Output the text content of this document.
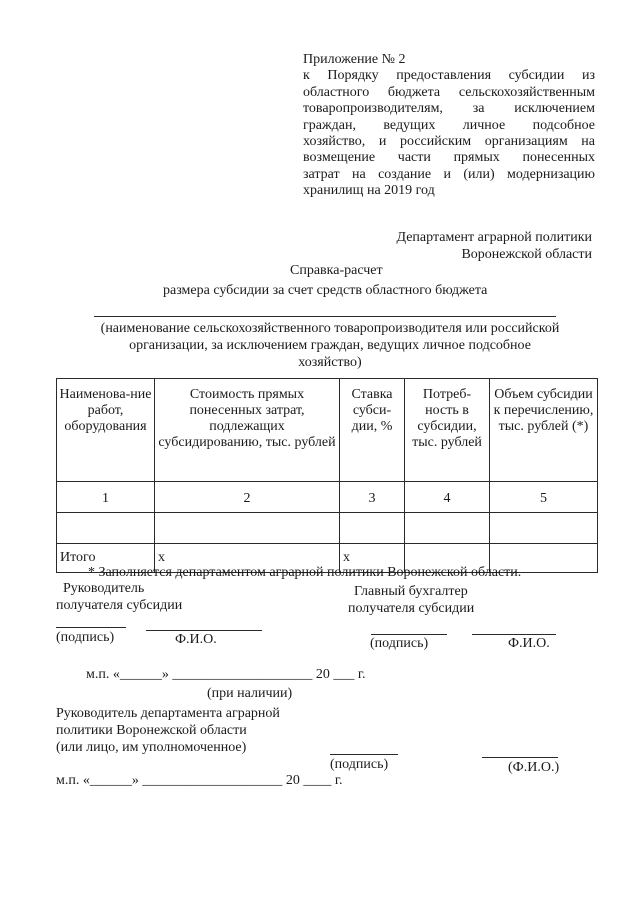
Приложение № 2
к Порядку предоставления субсидии из
областного бюджета сельскохозяйственным
товаропроизводителям, за исключением
граждан, ведущих личное подсобное
хозяйство, и российским организациям на
возмещение части прямых понесенных
затрат на создание и (или) модернизацию
хранилищ на 2019 год
Департамент аграрной политики
Воронежской области
Справка-расчет
размера субсидии за счет средств областного бюджета
(наименование сельскохозяйственного товаропроизводителя или российской
организации, за исключением граждан, ведущих личное подсобное
хозяйство)
Наименова-ние работ, оборудования	Стоимость прямых понесенных затрат, подлежащих субсидированию, тыс. рублей	Ставка субси-дии, %	Потреб-ность в субсидии, тыс. рублей	Объем субсидии к перечислению, тыс. рублей (*)
1	2	3	4	5

Итого	x	x		
* Заполняется департаментом аграрной политики Воронежской области.
Руководитель
получателя субсидии
Главный бухгалтер
получателя субсидии
(подпись)	Ф.И.О.	(подпись)	Ф.И.О.
м.п. «______» ____________________ 20 ___ г.
(при наличии)
Руководитель департамента аграрной
политики Воронежской области
(или лицо, им уполномоченное)
(подпись)	(Ф.И.О.)
м.п. «______» ____________________ 20 ____ г.
